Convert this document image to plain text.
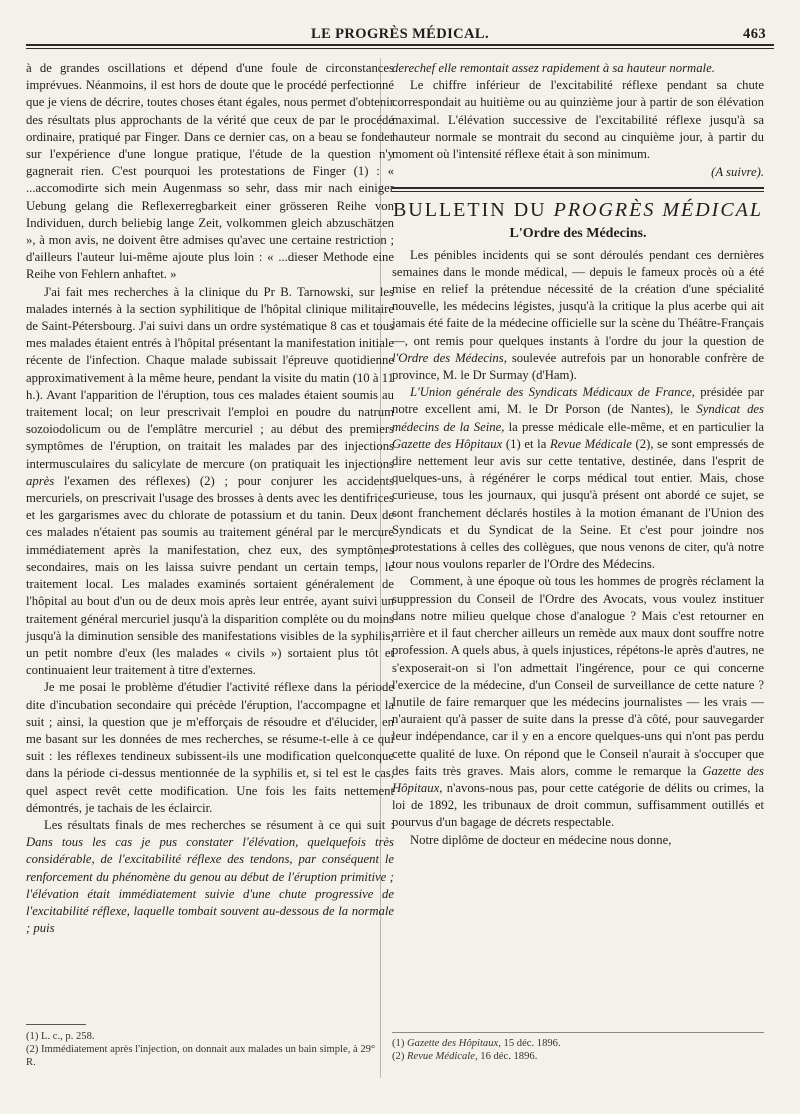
LE PROGRÈS MÉDICAL.	463

à de grandes oscillations et dépend d'une foule de circonstances imprévues. Néanmoins, il est hors de doute que le procédé perfectionné que je viens de décrire, toutes choses étant égales, nous permet d'obtenir des résultats plus approchants de la vérité que ceux de par le procédé ordinaire, pratiqué par Finger. Dans ce dernier cas, on a beau se fonder sur l'expérience d'une longue pratique, l'étude de la question n'y gagnerait rien. C'est pourquoi les protestations de Finger (1) : « ...accomodirte sich mein Augenmass so sehr, dass mir nach einiger Uebung gelang die Reflexerregbarkeit einer grösseren Reihe von Individuen, durch beliebig lange Zeit, volkommen gleich abzuschätzen », à mon avis, ne doivent être admises qu'avec une certaine restriction ; d'ailleurs l'auteur lui-même ajoute plus loin : « ...dieser Methode eine Reihe von Fehlern anhaftet. »

J'ai fait mes recherches à la clinique du Pr B. Tarnowski, sur les malades internés à la section syphilitique de l'hôpital clinique militaire de Saint-Pétersbourg. J'ai suivi dans un ordre systématique 8 cas et tous mes malades étaient entrés à l'hôpital présentant la manifestation initiale récente de l'infection. Chaque malade subissait l'épreuve quotidienne approximativement à la même heure, pendant la visite du matin (10 à 11 h.). Avant l'apparition de l'éruption, tous ces malades étaient soumis au traitement local; on leur prescrivait l'emploi en poudre du natrum sozoiodolicum ou de l'emplâtre mercuriel ; au début des premiers symptômes de l'éruption, on traitait les malades par des injections intermusculaires du salicylate de mercure (on pratiquait les injections après l'examen des réflexes) (2) ; pour conjurer les accidents mercuriels, on prescrivait l'usage des brosses à dents avec les dentifrices et les gargarismes avec du chlorate de potassium et du tanin. Deux de ces malades n'étaient pas soumis au traitement général par le mercure immédiatement après la manifestation, chez eux, des symptômes secondaires, mais on les laissa suivre pendant un certain temps, le traitement local. Les malades examinés sortaient généralement de l'hôpital au bout d'un ou de deux mois après leur entrée, ayant suivi un traitement général mercuriel jusqu'à la disparition complète ou du moins jusqu'à la diminution sensible des manifestations visibles de la syphilis; un petit nombre d'eux (les malades « civils ») sortaient plus tôt et continuaient leur traitement à titre d'externes.

Je me posai le problème d'étudier l'activité réflexe dans la période dite d'incubation secondaire qui précède l'éruption, l'accompagne et la suit ; ainsi, la question que je m'efforçais de résoudre et d'élucider, en me basant sur les données de mes recherches, se résume-t-elle à ce qui suit : les réflexes tendineux subissent-ils une modification quelconque dans la période ci-dessus mentionnée de la syphilis et, si tel est le cas, quel aspect revêt cette modification. Une fois les faits nettement démontrés, je tachais de les éclaircir.

Les résultats finals de mes recherches se résument à ce qui suit : Dans tous les cas je pus constater l'élévation, quelquefois très considérable, de l'excitabilité réflexe des tendons, par conséquent le renforcement du phénomène du genou au début de l'éruption primitive ; l'élévation était immédiatement suivie d'une chute progressive de l'excitabilité réflexe, laquelle tombait souvent au-dessous de la normale ; puis

(1) L. c., p. 258.
(2) Immédiatement après l'injection, on donnait aux malades un bain simple, à 29° R.

derechef elle remontait assez rapidement à sa hauteur normale.

Le chiffre inférieur de l'excitabilité réflexe pendant sa chute correspondait au huitième ou au quinzième jour à partir de son élévation maximal. L'élévation successive de l'excitabilité réflexe jusqu'à sa hauteur normale se montrait du second au cinquième jour, à partir du moment où l'intensité réflexe était à son minimum.

(A suivre).
BULLETIN DU PROGRÈS MÉDICAL
L'Ordre des Médecins.

Les pénibles incidents qui se sont déroulés pendant ces dernières semaines dans le monde médical, — depuis le fameux procès où a été mise en relief la prétendue nécessité de la création d'une spécialité nouvelle, les médecins légistes, jusqu'à la critique la plus acerbe qui ait jamais été faite de la médecine officielle sur la scène du Théâtre-Français —, ont remis pour quelques instants à l'ordre du jour la question de l'Ordre des Médecins, soulevée autrefois par un honorable confrère de province, M. le Dr Surmay (d'Ham).

L'Union générale des Syndicats Médicaux de France, présidée par notre excellent ami, M. le Dr Porson (de Nantes), le Syndicat des médecins de la Seine, la presse médicale elle-même, et en particulier la Gazette des Hôpitaux (1) et la Revue Médicale (2), se sont empressés de dire nettement leur avis sur cette tentative, destinée, dans l'esprit de quelques-uns, à régénérer le corps médical tout entier. Mais, chose curieuse, tous les journaux, qui jusqu'à présent ont abordé ce sujet, se sont franchement déclarés hostiles à la motion émanant de l'Union des Syndicats et du Syndicat de la Seine. Et c'est pour joindre nos protestations à celles des collègues, que nous venons de citer, qu'à notre tour nous voulons reparler de l'Ordre des Médecins.

Comment, à une époque où tous les hommes de progrès réclament la suppression du Conseil de l'Ordre des Avocats, vous voulez instituer dans notre milieu quelque chose d'analogue ? Mais c'est retourner en arrière et il faut chercher ailleurs un remède aux maux dont souffre notre profession. A quels abus, à quels injustices, répétons-le après d'autres, ne s'exposerait-on si l'on admettait l'ingérence, pour ce qui concerne l'exercice de la médecine, d'un Conseil de surveillance de cette nature ? Inutile de faire remarquer que les médecins journalistes — les vrais — n'auraient qu'à passer de suite dans la presse d'à côté, pour sauvegarder leur indépendance, car il y en a encore quelques-uns qui n'ont pas perdu cette qualité de luxe. On répond que le Conseil n'aurait à s'occuper que des faits très graves. Mais alors, comme le remarque la Gazette des Hôpitaux, n'avons-nous pas, pour cette catégorie de délits ou crimes, la loi de 1892, les tribunaux de droit commun, suffisamment outillés et pourvus d'un bagage de décrets respectable.

Notre diplôme de docteur en médecine nous donne,

(1) Gazette des Hôpitaux, 15 déc. 1896.
(2) Revue Médicale, 16 déc. 1896.
